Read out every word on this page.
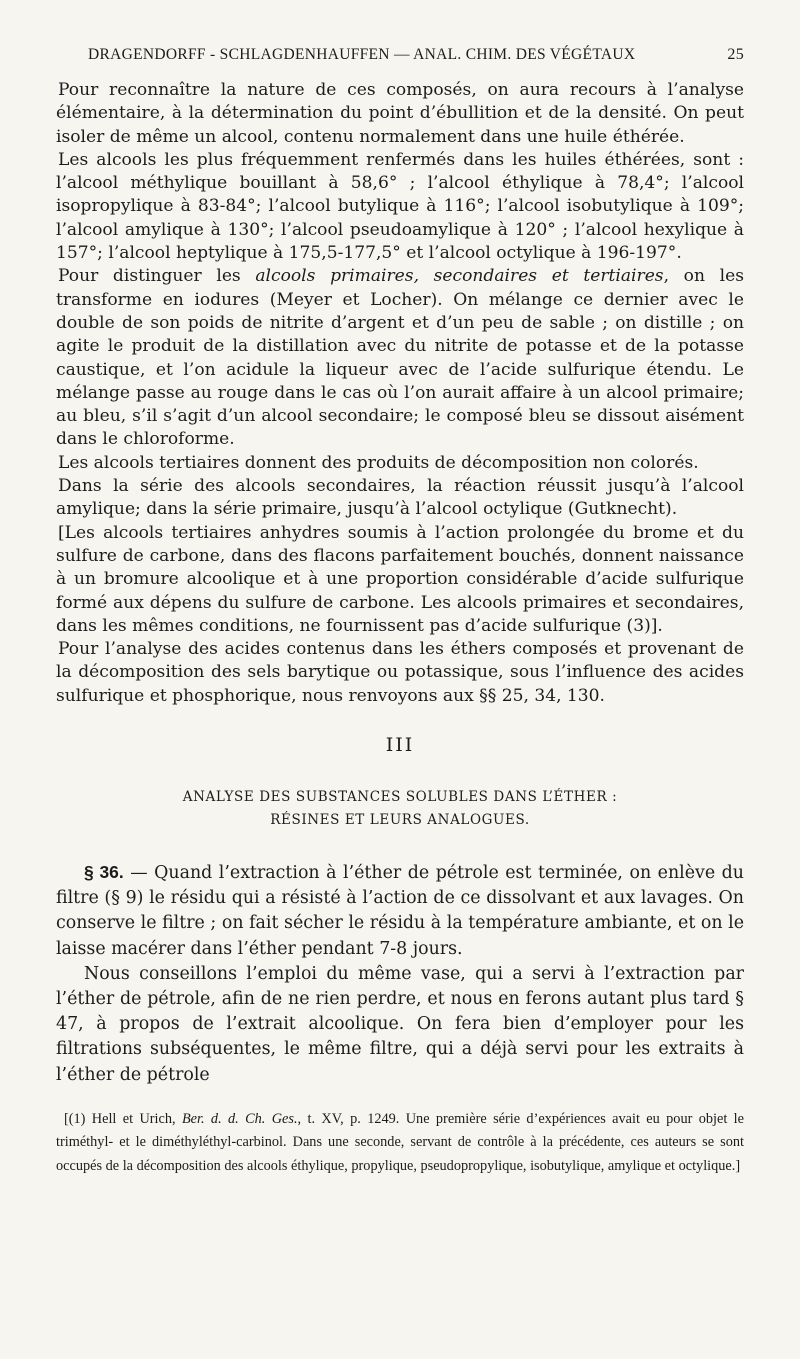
DRAGENDORFF - SCHLAGDENHAUFFEN — ANAL. CHIM. DES VÉGÉTAUX	25

Pour reconnaître la nature de ces composés, on aura recours à l’analyse élémentaire, à la détermination du point d’ébullition et de la densité. On peut isoler de même un alcool, contenu normalement dans une huile éthérée.

Les alcools les plus fréquemment renfermés dans les huiles éthérées, sont : l’alcool méthylique bouillant à 58,6° ; l’alcool éthylique à 78,4°; l’alcool isopropylique à 83-84°; l’alcool butylique à 116°; l’alcool isobutylique à 109°; l’alcool amylique à 130°; l’alcool pseudoamylique à 120° ; l’alcool hexylique à 157°; l’alcool heptylique à 175,5-177,5° et l’alcool octylique à 196-197°.

Pour distinguer les alcools primaires, secondaires et tertiaires, on les transforme en iodures (Meyer et Locher). On mélange ce dernier avec le double de son poids de nitrite d’argent et d’un peu de sable ; on distille ; on agite le produit de la distillation avec du nitrite de potasse et de la potasse caustique, et l’on acidule la liqueur avec de l’acide sulfurique étendu. Le mélange passe au rouge dans le cas où l’on aurait affaire à un alcool primaire; au bleu, s’il s’agit d’un alcool secondaire; le composé bleu se dissout aisément dans le chloroforme.

Les alcools tertiaires donnent des produits de décomposition non colorés.

Dans la série des alcools secondaires, la réaction réussit jusqu’à l’alcool amylique; dans la série primaire, jusqu’à l’alcool octylique (Gutknecht).

[Les alcools tertiaires anhydres soumis à l’action prolongée du brome et du sulfure de carbone, dans des flacons parfaitement bouchés, donnent naissance à un bromure alcoolique et à une proportion considérable d’acide sulfurique formé aux dépens du sulfure de carbone. Les alcools primaires et secondaires, dans les mêmes conditions, ne fournissent pas d’acide sulfurique (3)].

Pour l’analyse des acides contenus dans les éthers composés et provenant de la décomposition des sels barytique ou potassique, sous l’influence des acides sulfurique et phosphorique, nous renvoyons aux §§ 25, 34, 130.

III
ANALYSE DES SUBSTANCES SOLUBLES DANS L’ÉTHER :
RÉSINES ET LEURS ANALOGUES.

§ 36. — Quand l’extraction à l’éther de pétrole est terminée, on enlève du filtre (§ 9) le résidu qui a résisté à l’action de ce dissolvant et aux lavages. On conserve le filtre ; on fait sécher le résidu à la température ambiante, et on le laisse macérer dans l’éther pendant 7-8 jours.

Nous conseillons l’emploi du même vase, qui a servi à l’extraction par l’éther de pétrole, afin de ne rien perdre, et nous en ferons autant plus tard § 47, à propos de l’extrait alcoolique. On fera bien d’employer pour les filtrations subséquentes, le même filtre, qui a déjà servi pour les extraits à l’éther de pétrole

[(1) Hell et Urich, Ber. d. d. Ch. Ges., t. XV, p. 1249. Une première série d’expériences avait eu pour objet le triméthyl- et le diméthyléthyl-carbinol. Dans une seconde, servant de contrôle à la précédente, ces auteurs se sont occupés de la décomposition des alcools éthylique, propylique, pseudopropylique, isobutylique, amylique et octylique.]
